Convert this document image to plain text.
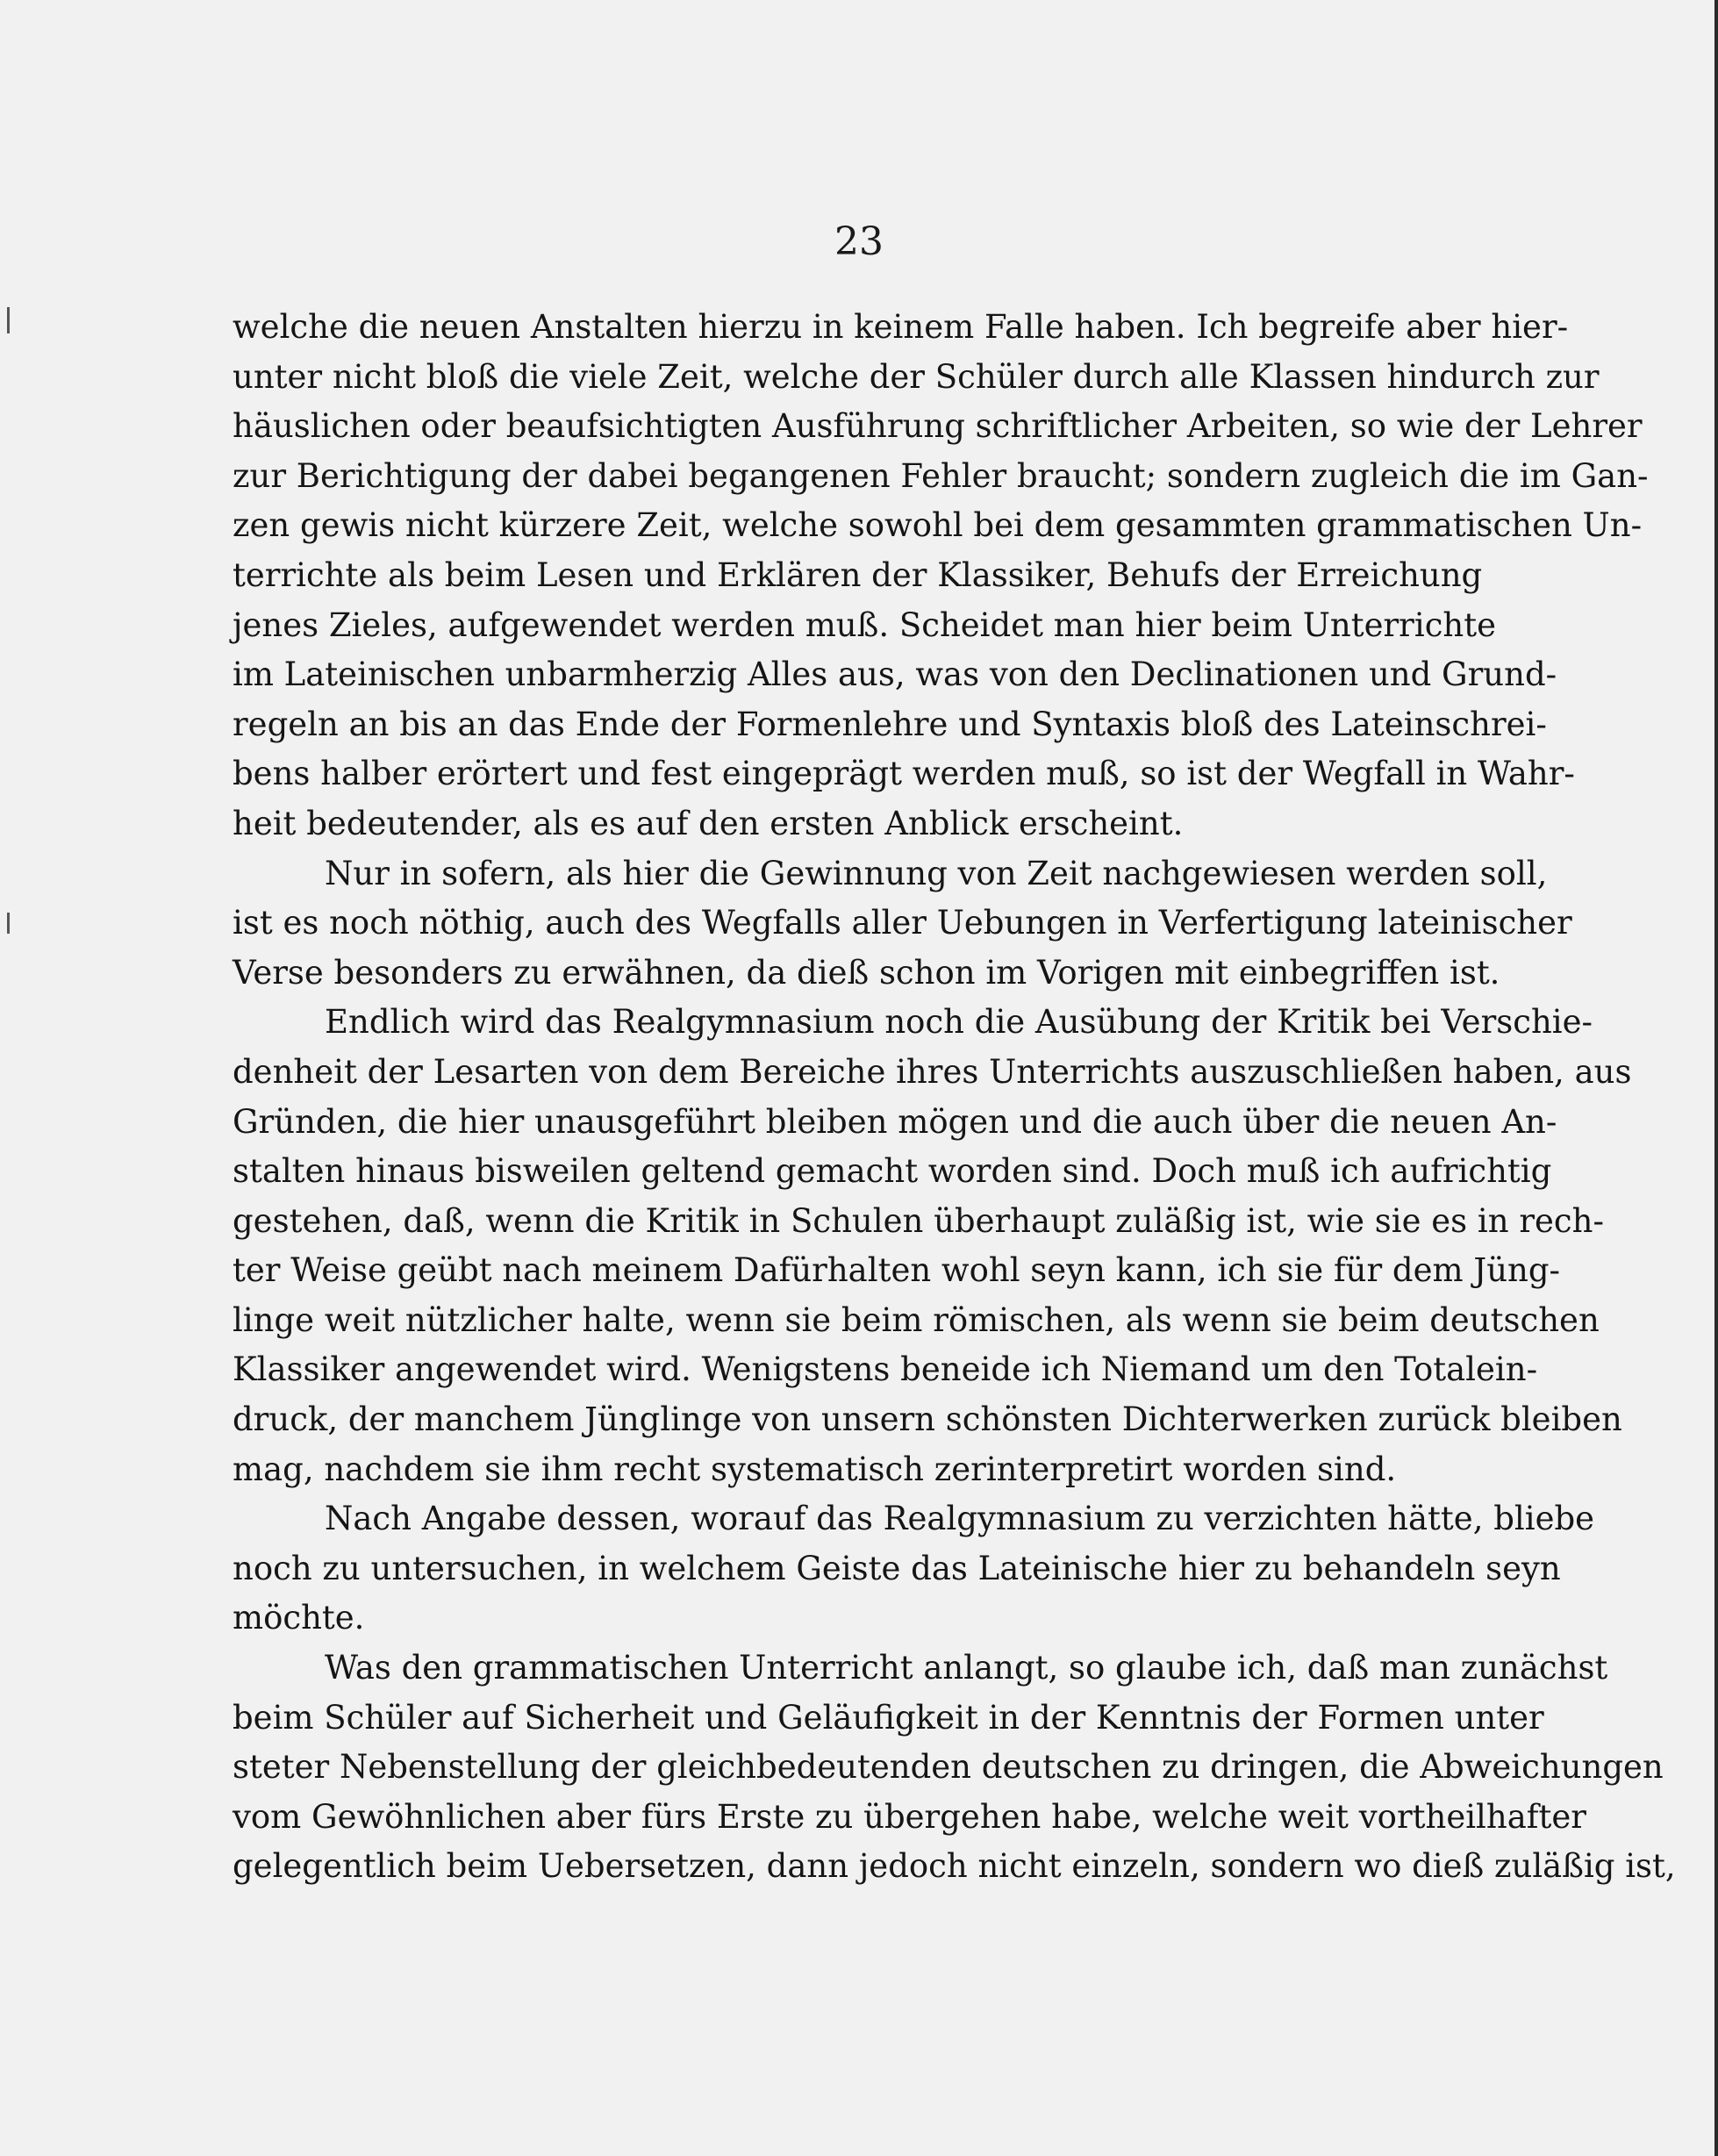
23
welche die neuen Anstalten hierzu in keinem Falle haben. Ich begreife aber hier-
unter nicht bloß die viele Zeit, welche der Schüler durch alle Klassen hindurch zur
häuslichen oder beaufsichtigten Ausführung schriftlicher Arbeiten, so wie der Lehrer
zur Berichtigung der dabei begangenen Fehler braucht; sondern zugleich die im Gan-
zen gewis nicht kürzere Zeit, welche sowohl bei dem gesammten grammatischen Un-
terrichte als beim Lesen und Erklären der Klassiker, Behufs der Erreichung
jenes Zieles, aufgewendet werden muß. Scheidet man hier beim Unterrichte
im Lateinischen unbarmherzig Alles aus, was von den Declinationen und Grund-
regeln an bis an das Ende der Formenlehre und Syntaxis bloß des Lateinschrei-
bens halber erörtert und fest eingeprägt werden muß, so ist der Wegfall in Wahr-
heit bedeutender, als es auf den ersten Anblick erscheint.
Nur in sofern, als hier die Gewinnung von Zeit nachgewiesen werden soll,
ist es noch nöthig, auch des Wegfalls aller Uebungen in Verfertigung lateinischer
Verse besonders zu erwähnen, da dieß schon im Vorigen mit einbegriffen ist.
Endlich wird das Realgymnasium noch die Ausübung der Kritik bei Verschie-
denheit der Lesarten von dem Bereiche ihres Unterrichts auszuschließen haben, aus
Gründen, die hier unausgeführt bleiben mögen und die auch über die neuen An-
stalten hinaus bisweilen geltend gemacht worden sind. Doch muß ich aufrichtig
gestehen, daß, wenn die Kritik in Schulen überhaupt zuläßig ist, wie sie es in rech-
ter Weise geübt nach meinem Dafürhalten wohl seyn kann, ich sie für dem Jüng-
linge weit nützlicher halte, wenn sie beim römischen, als wenn sie beim deutschen
Klassiker angewendet wird. Wenigstens beneide ich Niemand um den Totalein-
druck, der manchem Jünglinge von unsern schönsten Dichterwerken zurück bleiben
mag, nachdem sie ihm recht systematisch zerinterpretirt worden sind.
Nach Angabe dessen, worauf das Realgymnasium zu verzichten hätte, bliebe
noch zu untersuchen, in welchem Geiste das Lateinische hier zu behandeln seyn
möchte.
Was den grammatischen Unterricht anlangt, so glaube ich, daß man zunächst
beim Schüler auf Sicherheit und Geläufigkeit in der Kenntnis der Formen unter
steter Nebenstellung der gleichbedeutenden deutschen zu dringen, die Abweichungen
vom Gewöhnlichen aber fürs Erste zu übergehen habe, welche weit vortheilhafter
gelegentlich beim Uebersetzen, dann jedoch nicht einzeln, sondern wo dieß zuläßig ist,
